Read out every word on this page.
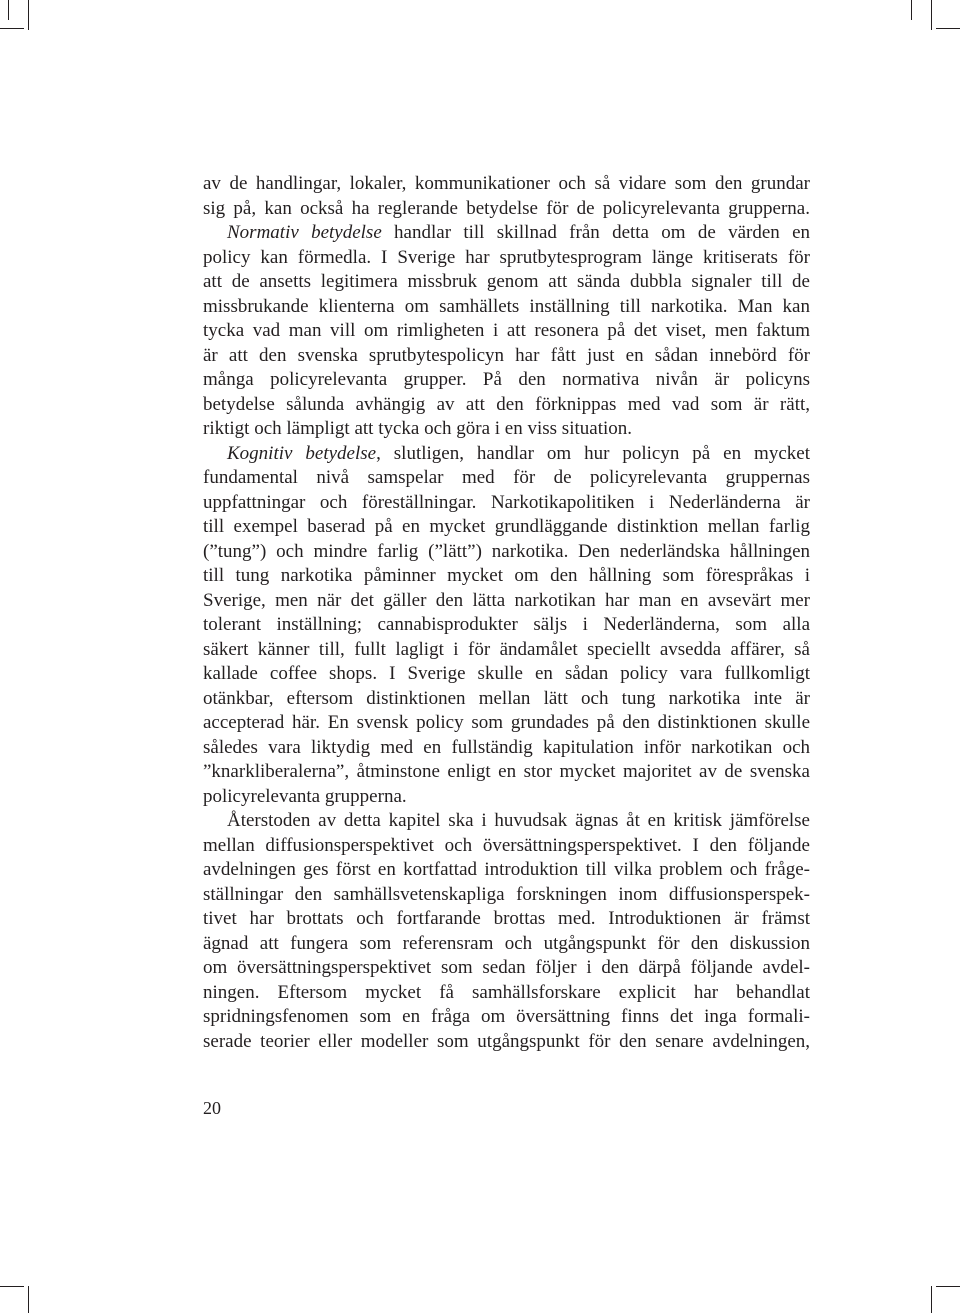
av de handlingar, lokaler, kommunikationer och så vidare som den grundar
sig på, kan också ha reglerande betydelse för de policyrelevanta grupperna.
Normativ betydelse handlar till skillnad från detta om de värden en
policy kan förmedla. I Sverige har sprutbytesprogram länge kritiserats för
att de ansetts legitimera missbruk genom att sända dubbla signaler till de
missbrukande klienterna om samhällets inställning till narkotika. Man kan
tycka vad man vill om rimligheten i att resonera på det viset, men faktum
är att den svenska sprutbytespolicyn har fått just en sådan innebörd för
många policyrelevanta grupper. På den normativa nivån är policyns
betydelse sålunda avhängig av att den förknippas med vad som är rätt,
riktigt och lämpligt att tycka och göra i en viss situation.
Kognitiv betydelse, slutligen, handlar om hur policyn på en mycket
fundamental nivå samspelar med för de policyrelevanta gruppernas
uppfattningar och föreställningar. Narkotikapolitiken i Nederländerna är
till exempel baserad på en mycket grundläggande distinktion mellan farlig
(”tung”) och mindre farlig (”lätt”) narkotika. Den nederländska hållningen
till tung narkotika påminner mycket om den hållning som förespråkas i
Sverige, men när det gäller den lätta narkotikan har man en avsevärt mer
tolerant inställning; cannabisprodukter säljs i Nederländerna, som alla
säkert känner till, fullt lagligt i för ändamålet speciellt avsedda affärer, så
kallade coffee shops. I Sverige skulle en sådan policy vara fullkomligt
otänkbar, eftersom distinktionen mellan lätt och tung narkotika inte är
accepterad här. En svensk policy som grundades på den distinktionen skulle
således vara liktydig med en fullständig kapitulation inför narkotikan och
”knarkliberalerna”, åtminstone enligt en stor mycket majoritet av de svenska
policyrelevanta grupperna.
Återstoden av detta kapitel ska i huvudsak ägnas åt en kritisk jämförelse
mellan diffusionsperspektivet och översättningsperspektivet. I den följande
avdelningen ges först en kortfattad introduktion till vilka problem och fråge-
ställningar den samhällsvetenskapliga forskningen inom diffusionsperspek-
tivet har brottats och fortfarande brottas med. Introduktionen är främst
ägnad att fungera som referensram och utgångspunkt för den diskussion
om översättningsperspektivet som sedan följer i den därpå följande avdel-
ningen. Eftersom mycket få samhällsforskare explicit har behandlat
spridningsfenomen som en fråga om översättning finns det inga formali-
serade teorier eller modeller som utgångspunkt för den senare avdelningen,
20
